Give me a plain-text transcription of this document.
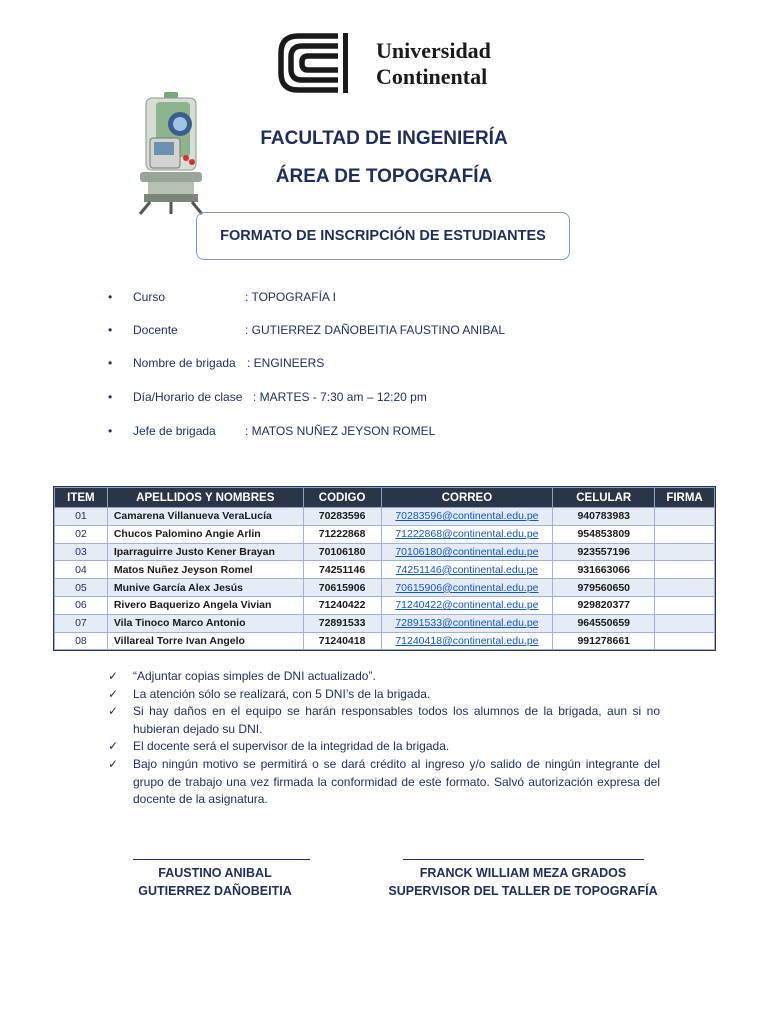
Universidad
Continental
FACULTAD DE INGENIERÍA
ÁREA DE TOPOGRAFÍA
FORMATO DE INSCRIPCIÓN DE ESTUDIANTES
• Curso	: TOPOGRAFÍA I
• Docente	: GUTIERREZ DAÑOBEITIA FAUSTINO ANIBAL
• Nombre de brigada : ENGINEERS
• Día/Horario de clase : MARTES - 7:30 am – 12:20 pm
• Jefe de brigada : MATOS NUÑEZ JEYSON ROMEL
ITEM	APELLIDOS Y NOMBRES	CODIGO	CORREO	CELULAR	FIRMA
01	Camarena Villanueva VeraLucía	70283596	70283596@continental.edu.pe	940783983	
02	Chucos Palomino Angie Arlin	71222868	71222868@continental.edu.pe	954853809	
03	Iparraguirre Justo Kener Brayan	70106180	70106180@continental.edu.pe	923557196	
04	Matos Nuñez Jeyson Romel	74251146	74251146@continental.edu.pe	931663066	
05	Munive García Alex Jesús	70615906	70615906@continental.edu.pe	979560650	
06	Rivero Baquerizo Angela Vivian	71240422	71240422@continental.edu.pe	929820377	
07	Vila Tinoco Marco Antonio	72891533	72891533@continental.edu.pe	964550659	
08	Villareal Torre Ivan Angelo	71240418	71240418@continental.edu.pe	991278661	
✓ “Adjuntar copias simples de DNI actualizado”.
✓ La atención sólo se realizará, con 5 DNI’s de la brigada.
✓ Si hay daños en el equipo se harán responsables todos los alumnos de la brigada, aun si no hubieran dejado su DNI.
✓ El docente será el supervisor de la integridad de la brigada.
✓ Bajo ningún motivo se permitirá o se dará crédito al ingreso y/o salido de ningún integrante del grupo de trabajo una vez firmada la conformidad de este formato. Salvó autorización expresa del docente de la asignatura.
FAUSTINO ANIBAL
GUTIERREZ DAÑOBEITIA
FRANCK WILLIAM MEZA GRADOS
SUPERVISOR DEL TALLER DE TOPOGRAFÍA
